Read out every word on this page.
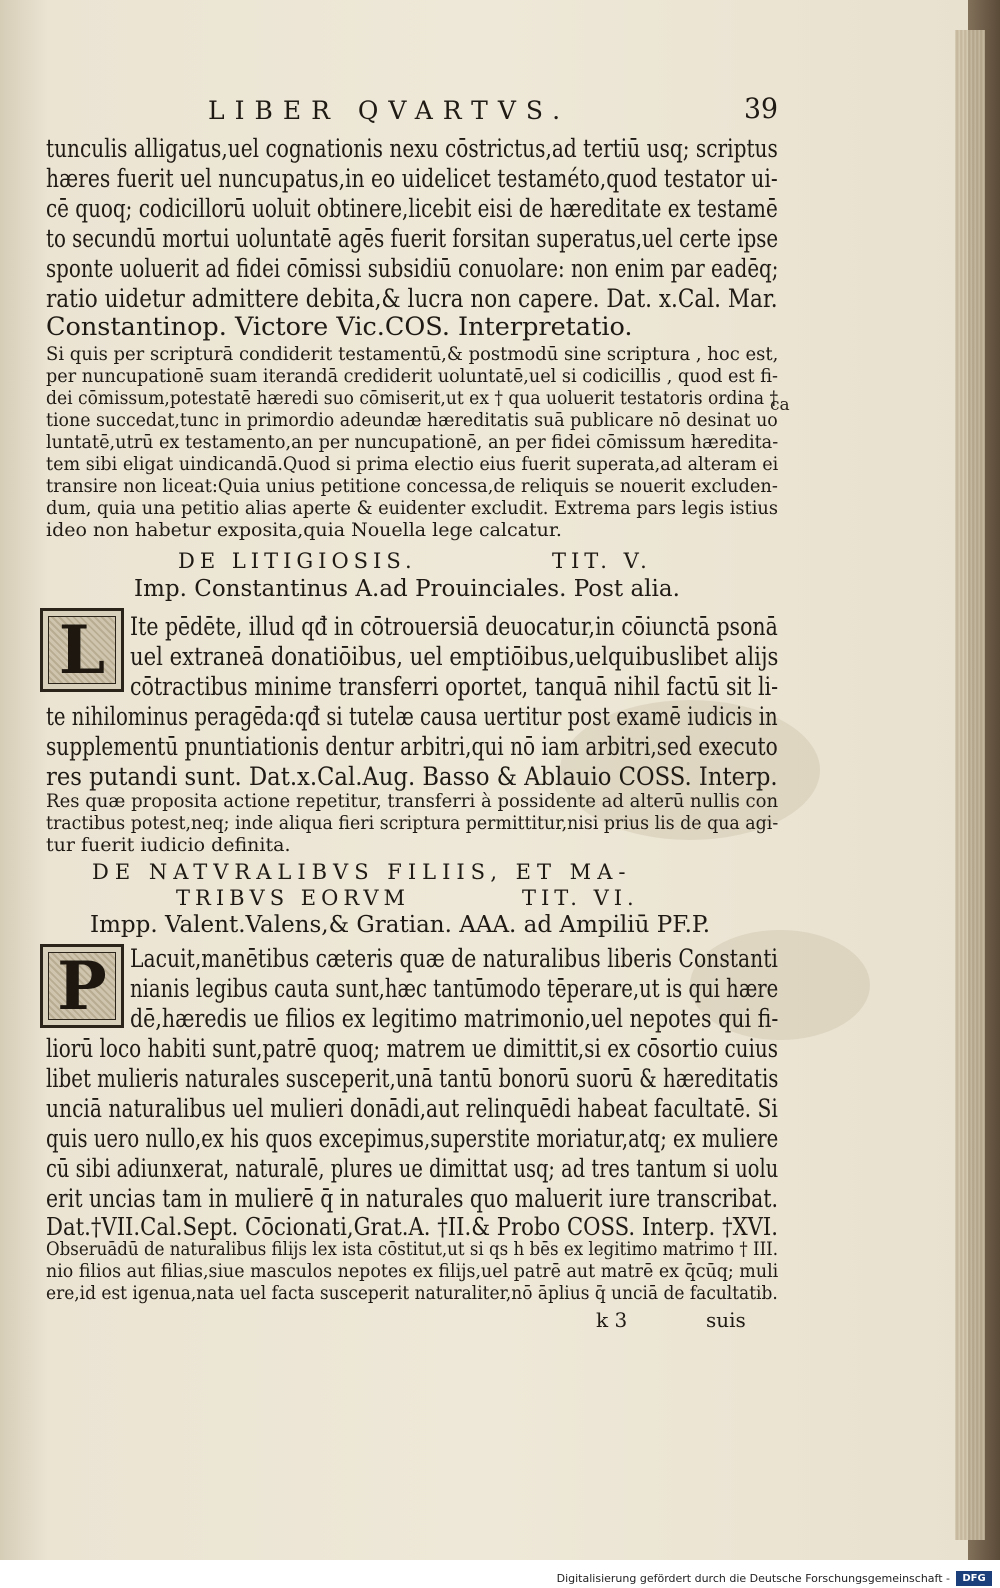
LIBER QVARTVS.	39
tunculis alligatus,uel cognationis nexu cōstrictus,ad tertiū usq; scriptus
hæres fuerit uel nuncupatus,in eo uidelicet testaméto,quod testator ui-
cē quoq; codicillorū uoluit obtinere,licebit eisi de hæreditate ex testamē
to secundū mortui uoluntatē agēs fuerit forsitan superatus,uel certe ipse
sponte uoluerit ad fidei cōmissi subsidiū conuolare: non enim par eadēq;
ratio uidetur admittere debita,& lucra non capere. Dat. x.Cal. Mar.
Constantinop. Victore Vic.COS. Interpretatio.
Si quis per scripturā condiderit testamentū,& postmodū sine scriptura , hoc est,
per nuncupationē suam iterandā crediderit uoluntatē,uel si codicillis , quod est fi-
dei cōmissum,potestatē hæredi suo cōmiserit,ut ex † qua uoluerit testatoris ordina †
ca
tione succedat,tunc in primordio adeundæ hæreditatis suā publicare nō desinat uo
luntatē,utrū ex testamento,an per nuncupationē, an per fidei cōmissum hæredita-
tem sibi eligat uindicandā.Quod si prima electio eius fuerit superata,ad alteram ei
transire non liceat:Quia unius petitione concessa,de reliquis se nouerit excluden-
dum, quia una petitio alias aperte & euidenter excludit. Extrema pars legis istius
ideo non habetur exposita,quia Nouella lege calcatur.
DE LITIGIOSIS.	TIT. V.
Imp. Constantinus A.ad Prouinciales. Post alia.
L Ite pēdēte, illud qđ in cōtrouersiā deuocatur,in cōiunctā psonā
uel extraneā donatiōibus, uel emptiōibus,uelquibuslibet alijs
cōtractibus minime transferri oportet, tanquā nihil factū sit li-
te nihilominus peragēda:qđ si tutelæ causa uertitur post examē iudicis in
supplementū pnuntiationis dentur arbitri,qui nō iam arbitri,sed executo
res putandi sunt. Dat.x.Cal.Aug. Basso & Ablauio COSS. Interp.
Res quæ proposita actione repetitur, transferri à possidente ad alterū nullis con
tractibus potest,neq; inde aliqua fieri scriptura permittitur,nisi prius lis de qua agi-
tur fuerit iudicio definita.
DE NATVRALIBVS FILIIS, ET MA-
TRIBVS EORVM	TIT. VI.
Impp. Valent.Valens,& Gratian. AAA. ad Ampiliū PF.P.
P Lacuit,manētibus cæteris quæ de naturalibus liberis Constanti
nianis legibus cauta sunt,hæc tantūmodo tēperare,ut is qui hære
dē,hæredis ue filios ex legitimo matrimonio,uel nepotes qui fi-
liorū loco habiti sunt,patrē quoq; matrem ue dimittit,si ex cōsortio cuius
libet mulieris naturales susceperit,unā tantū bonorū suorū & hæreditatis
unciā naturalibus uel mulieri donādi,aut relinquēdi habeat facultatē. Si
quis uero nullo,ex his quos excepimus,superstite moriatur,atq; ex muliere
cū sibi adiunxerat, naturalē, plures ue dimittat usq; ad tres tantum si uolu
erit uncias tam in mulierē q̄ in naturales quo maluerit iure transcribat.
Dat.†VII.Cal.Sept. Cōcionati,Grat.A. †II.& Probo COSS. Interp. †XVI.
Obseruādū de naturalibus filijs lex ista cōstitut,ut si qs h bēs ex legitimo matrimo † III.
nio filios aut filias,siue masculos nepotes ex filijs,uel patrē aut matrē ex q̄cūq; muli
ere,id est igenua,nata uel facta susceperit naturaliter,nō āplius q̄ unciā de facultatib.
k 3	suis
Digitalisierung gefördert durch die Deutsche Forschungsgemeinschaft -	DFG
